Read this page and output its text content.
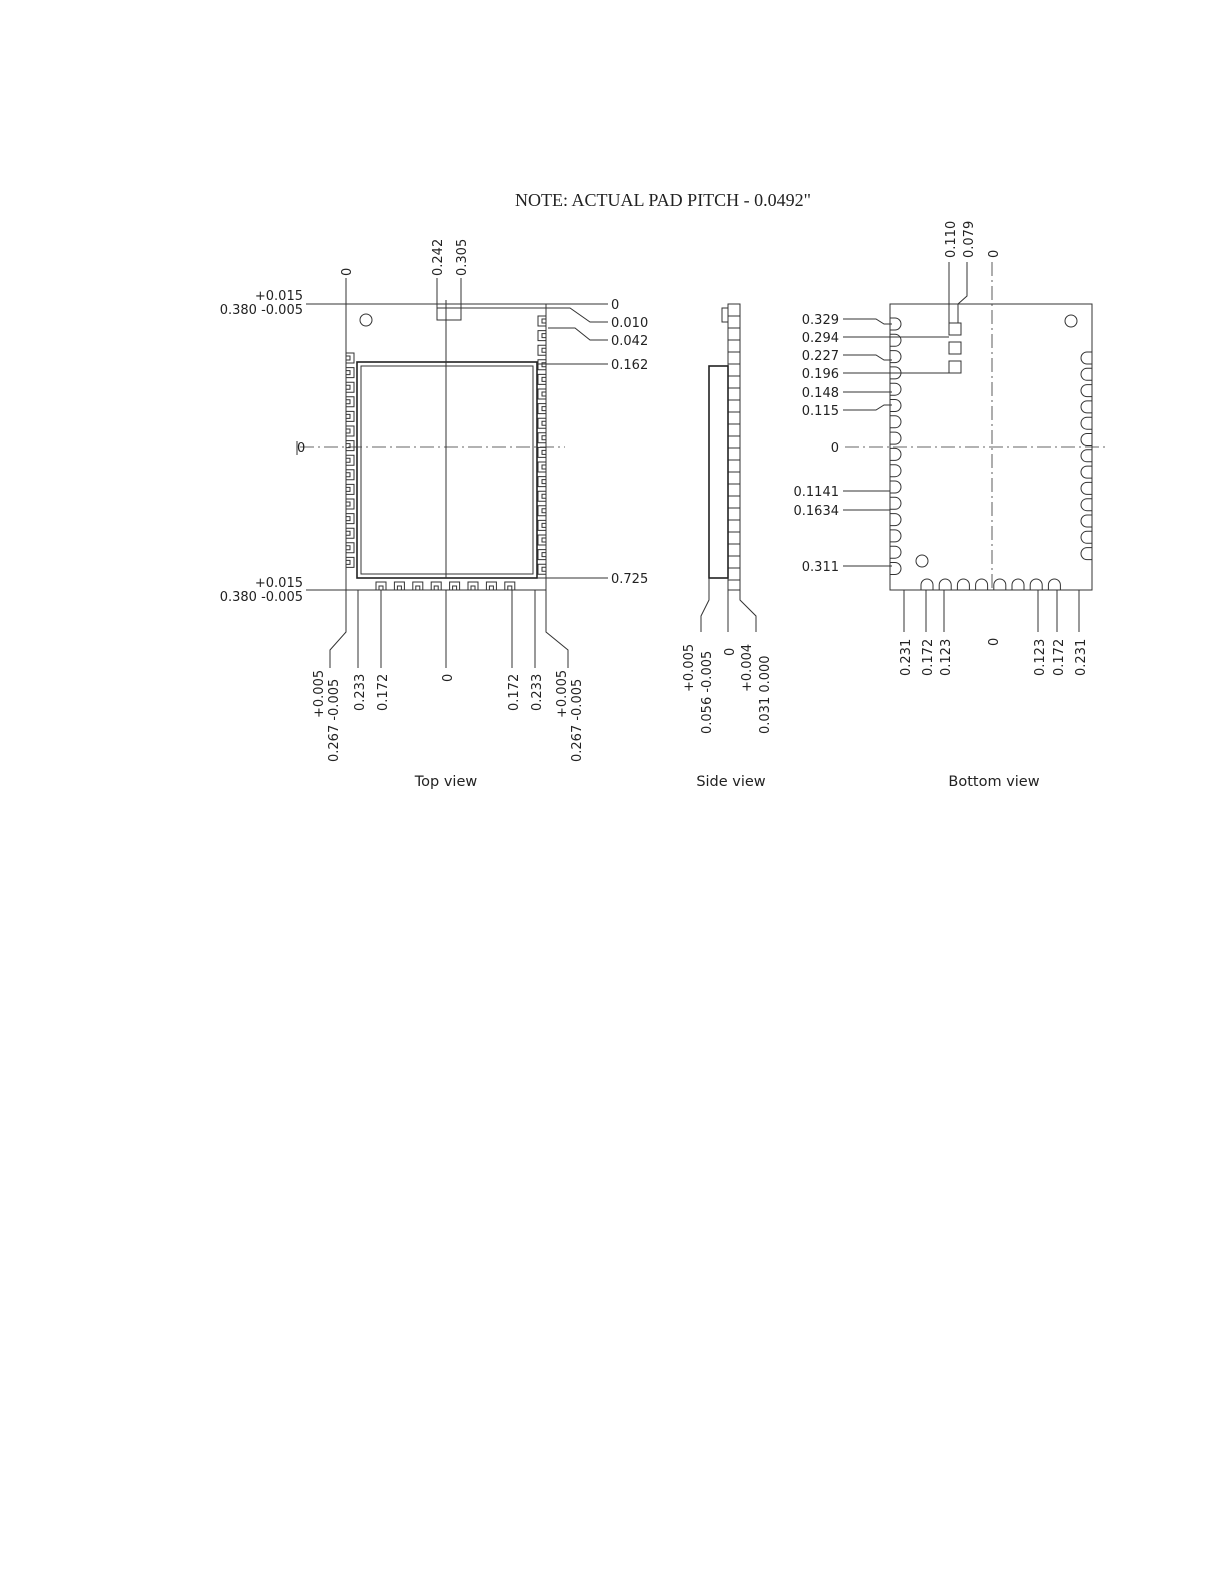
NOTE: ACTUAL PAD PITCH - 0.0492"
0
0	0.242 0.305
+0.015
0.380 -0.005
+0.015
0.380 -0.005
0
0.010
0.042
0.162
0.725
+0.005 0.267 -0.005 0.233 0.172	0	0.172 0.233 +0.005 0.267 -0.005
Top view
+0.005 0.056 -0.005 0 +0.004 0.031 0.000
Side view
0.110 0.079 0
0.329
0.294
0.227
0.196
0.148
0.115
0
0.1141
0.1634
0.311
0.231 0.172 0.123	0 0.123 0.172 0.231
Bottom view
